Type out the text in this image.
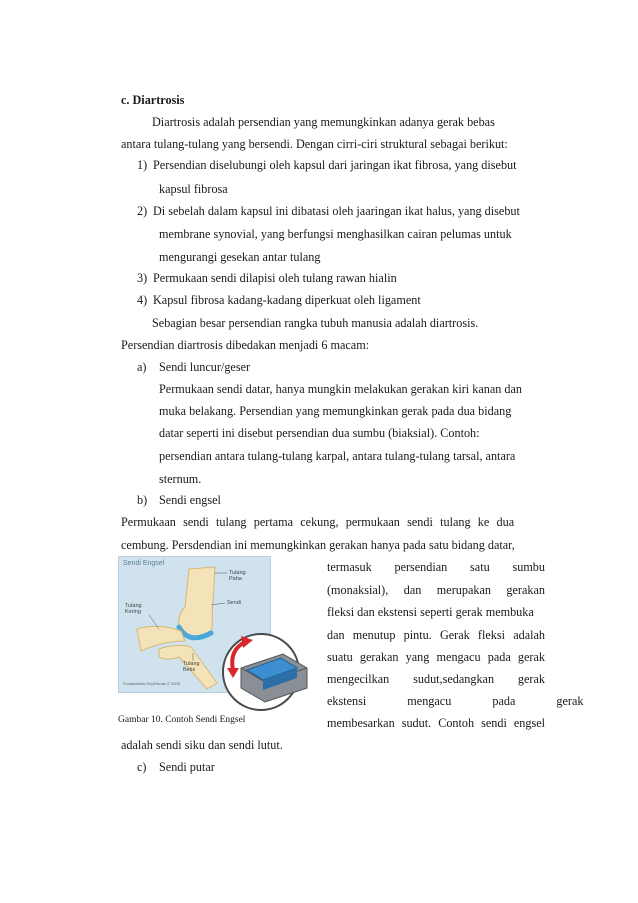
c. Diartrosis
Diartrosis adalah persendian yang memungkinkan adanya gerak bebas
antara tulang-tulang yang bersendi. Dengan cirri-ciri struktural sebagai berikut:
1) Persendian diselubungi oleh kapsul dari jaringan ikat fibrosa, yang disebut
kapsul fibrosa
2) Di sebelah dalam kapsul ini dibatasi oleh jaaringan ikat halus, yang disebut
membrane synovial, yang berfungsi menghasilkan cairan pelumas untuk
mengurangi gesekan antar tulang
3) Permukaan sendi dilapisi oleh tulang rawan hialin
4) Kapsul fibrosa kadang-kadang diperkuat oleh ligament
Sebagian besar persendian rangka tubuh manusia adalah diartrosis.
Persendian diartrosis dibedakan menjadi 6 macam:
a) Sendi luncur/geser
Permukaan sendi datar, hanya mungkin melakukan gerakan kiri kanan dan
muka belakang. Persendian yang memungkinkan gerak pada dua bidang
datar seperti ini disebut persendian dua sumbu (biaksial). Contoh:
persendian antara tulang-tulang karpal, antara tulang-tulang tarsal, antara
sternum.
b) Sendi engsel
Permukaan sendi tulang pertama cekung, permukaan sendi tulang ke dua
cembung. Persdendian ini memungkinkan gerakan hanya pada satu bidang datar,
termasuk persendian satu sumbu
(monaksial), dan merupakan gerakan
fleksi dan ekstensi seperti gerak membuka
dan menutup pintu. Gerak fleksi adalah
suatu gerakan yang mengacu pada gerak
mengecilkan sudut,sedangkan gerak
ekstensi mengacu pada gerak
membesarkan sudut. Contoh sendi engsel
adalah sendi siku dan sendi lutut.
c) Sendi putar
Sendi Engsel
Tulang
Paha
Sendi
Tulang
Kering
Tulang
Betis
Pustaka/foto DepDiknas © 2005
Gambar 10. Contoh Sendi Engsel
